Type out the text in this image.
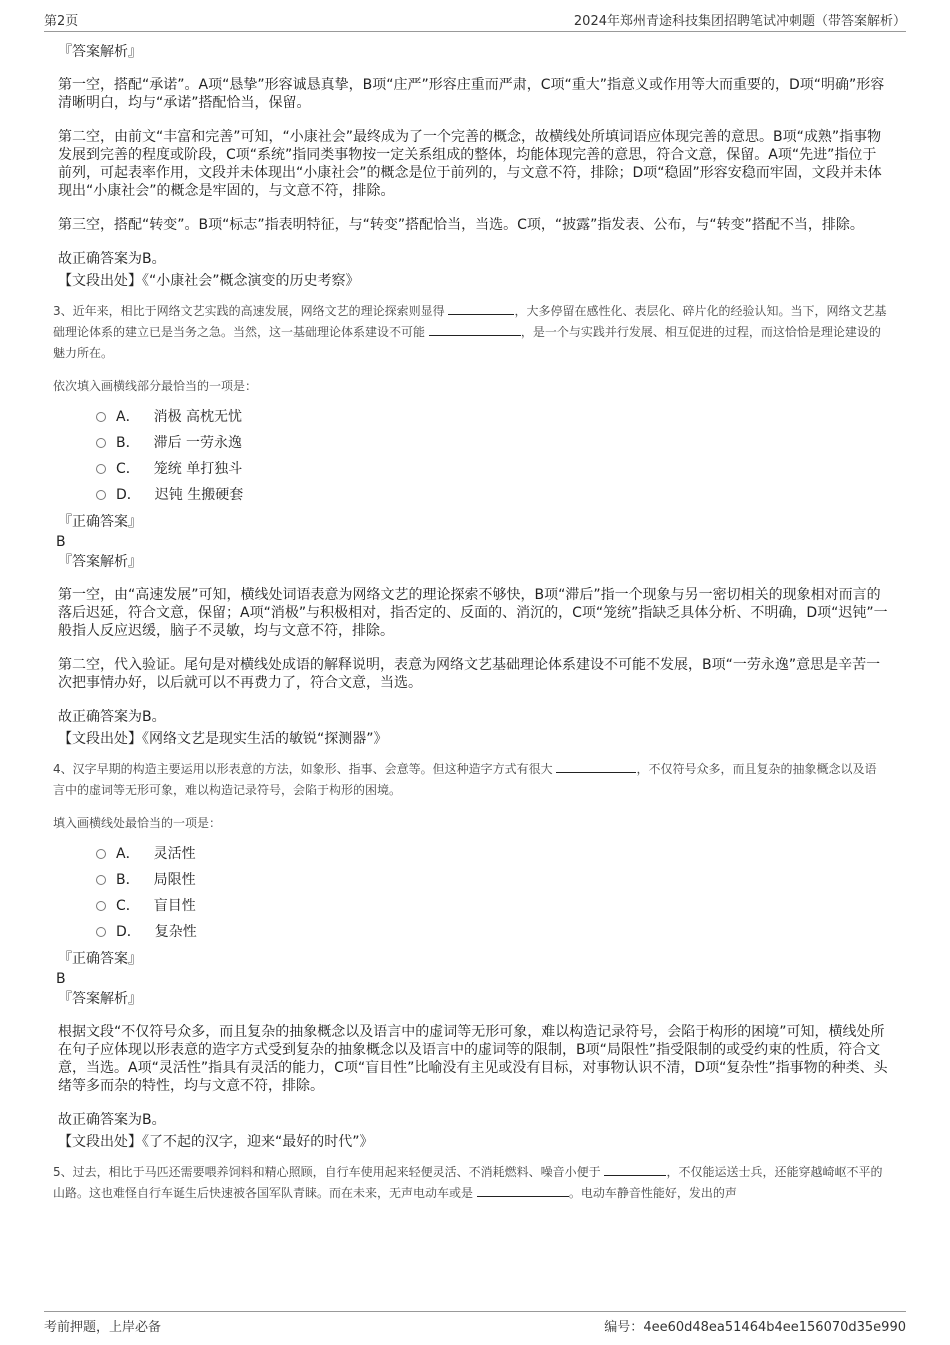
第2页	2024年郑州青途科技集团招聘笔试冲刺题（带答案解析）

『答案解析』

第一空，搭配“承诺”。A项“恳挚”形容诚恳真挚，B项“庄严”形容庄重而严肃，C项“重大”指意义或作用等大而重要的，D项“明确”形容清晰明白，均与“承诺”搭配恰当，保留。

第二空，由前文“丰富和完善”可知，“小康社会”最终成为了一个完善的概念，故横线处所填词语应体现完善的意思。B项“成熟”指事物发展到完善的程度或阶段，C项“系统”指同类事物按一定关系组成的整体，均能体现完善的意思，符合文意，保留。A项“先进”指位于前列，可起表率作用，文段并未体现出“小康社会”的概念是位于前列的，与文意不符，排除；D项“稳固”形容安稳而牢固，文段并未体现出“小康社会”的概念是牢固的，与文意不符，排除。

第三空，搭配“转变”。B项“标志”指表明特征，与“转变”搭配恰当，当选。C项，“披露”指发表、公布，与“转变”搭配不当，排除。

故正确答案为B。

【文段出处】《“小康社会”概念演变的历史考察》

3、近年来，相比于网络文艺实践的高速发展，网络文艺的理论探索则显得	，大多停留在感性化、表层化、碎片化的经验认知。当下，网络文艺基础理论体系的建立已是当务之急。当然，这一基础理论体系建设不可能	，是一个与实践并行发展、相互促进的过程，而这恰恰是理论建设的魅力所在。

依次填入画横线部分最恰当的一项是：

A． 消极 高枕无忧

B． 滞后 一劳永逸

C． 笼统 单打独斗

D． 迟钝 生搬硬套

『正确答案』

B

『答案解析』

第一空，由“高速发展”可知，横线处词语表意为网络文艺的理论探索不够快，B项“滞后”指一个现象与另一密切相关的现象相对而言的落后迟延，符合文意，保留；A项“消极”与积极相对，指否定的、反面的、消沉的，C项“笼统”指缺乏具体分析、不明确，D项“迟钝”一般指人反应迟缓，脑子不灵敏，均与文意不符，排除。

第二空，代入验证。尾句是对横线处成语的解释说明，表意为网络文艺基础理论体系建设不可能不发展，B项“一劳永逸”意思是辛苦一次把事情办好，以后就可以不再费力了，符合文意，当选。

故正确答案为B。

【文段出处】《网络文艺是现实生活的敏锐“探测器”》

4、汉字早期的构造主要运用以形表意的方法，如象形、指事、会意等。但这种造字方式有很大	，不仅符号众多，而且复杂的抽象概念以及语言中的虚词等无形可象，难以构造记录符号，会陷于构形的困境。

填入画横线处最恰当的一项是：

A． 灵活性

B． 局限性

C． 盲目性

D． 复杂性

『正确答案』

B

『答案解析』

根据文段“不仅符号众多，而且复杂的抽象概念以及语言中的虚词等无形可象，难以构造记录符号，会陷于构形的困境”可知，横线处所在句子应体现以形表意的造字方式受到复杂的抽象概念以及语言中的虚词等的限制，B项“局限性”指受限制的或受约束的性质，符合文意，当选。A项“灵活性”指具有灵活的能力，C项“盲目性”比喻没有主见或没有目标，对事物认识不清，D项“复杂性”指事物的种类、头绪等多而杂的特性，均与文意不符，排除。

故正确答案为B。

【文段出处】《了不起的汉字，迎来“最好的时代”》

5、过去，相比于马匹还需要喂养饲料和精心照顾，自行车使用起来轻便灵活、不消耗燃料、噪音小便于	，不仅能运送士兵，还能穿越崎岖不平的山路。这也难怪自行车诞生后快速被各国军队青睐。而在未来，无声电动车或是	。电动车静音性能好，发出的声

考前押题，上岸必备	编号：4ee60d48ea51464b4ee156070d35e990
